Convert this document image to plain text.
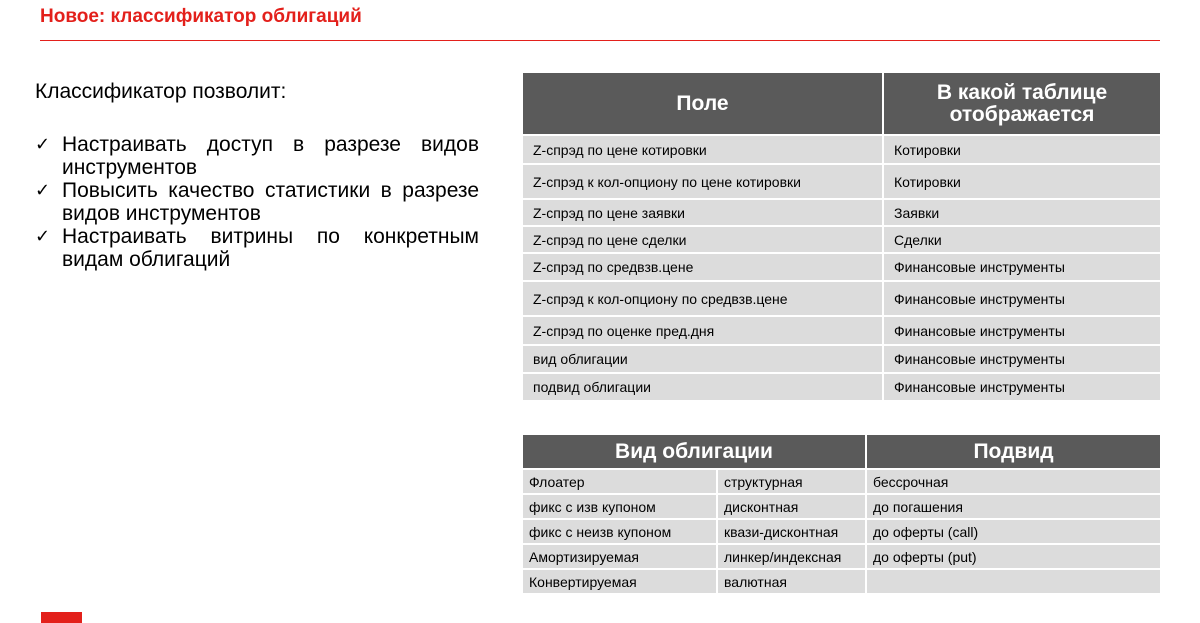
Новое: классификатор облигаций
Классификатор позволит:
✓ Настраивать доступ в разрезе видов инструментов
✓ Повысить качество статистики в разрезе видов инструментов
✓ Настраивать витрины по конкретным видам облигаций
Поле	В какой таблице отображается
Z-спрэд по цене котировки	Котировки
Z-спрэд к кол-опциону по цене котировки	Котировки
Z-спрэд по цене заявки	Заявки
Z-спрэд по цене сделки	Сделки
Z-спрэд по средвзв.цене	Финансовые инструменты
Z-спрэд к кол-опциону по средвзв.цене	Финансовые инструменты
Z-спрэд по оценке пред.дня	Финансовые инструменты
вид облигации	Финансовые инструменты
подвид облигации	Финансовые инструменты
Вид облигации		Подвид
Флоатер	структурная	бессрочная
фикс с изв купоном	дисконтная	до погашения
фикс с неизв купоном	квази-дисконтная	до оферты (call)
Амортизируемая	линкер/индексная	до оферты (put)
Конвертируемая	валютная	
